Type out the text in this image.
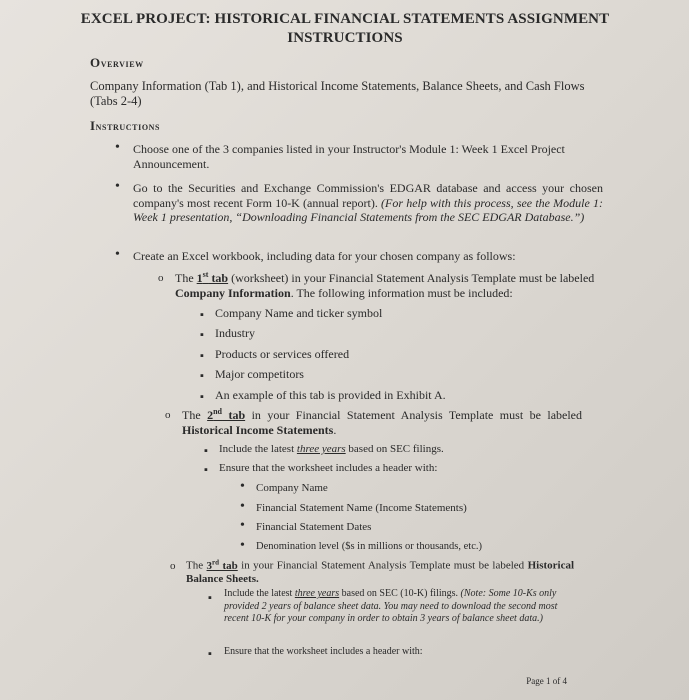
EXCEL PROJECT: HISTORICAL FINANCIAL STATEMENTS ASSIGNMENT
INSTRUCTIONS
Overview
Company Information (Tab 1), and Historical Income Statements, Balance Sheets, and Cash Flows (Tabs 2-4)
Instructions
•
Choose one of the 3 companies listed in your Instructor's Module 1: Week 1 Excel Project Announcement.
•
Go to the Securities and Exchange Commission's EDGAR database and access your chosen company's most recent Form 10-K (annual report). (For help with this process, see the Module 1: Week 1 presentation, “Downloading Financial Statements from the SEC EDGAR Database.”)
•
Create an Excel workbook, including data for your chosen company as follows:
o
The 1st tab (worksheet) in your Financial Statement Analysis Template must be labeled Company Information. The following information must be included:
▪
Company Name and ticker symbol
▪
Industry
▪
Products or services offered
▪
Major competitors
▪
An example of this tab is provided in Exhibit A.
o
The 2nd tab in your Financial Statement Analysis Template must be labeled Historical Income Statements.
▪
Include the latest three years based on SEC filings.
▪
Ensure that the worksheet includes a header with:
•
Company Name
•
Financial Statement Name (Income Statements)
•
Financial Statement Dates
•
Denomination level ($s in millions or thousands, etc.)
o
The 3rd tab in your Financial Statement Analysis Template must be labeled Historical Balance Sheets.
▪
Include the latest three years based on SEC (10-K) filings. (Note: Some 10-Ks only provided 2 years of balance sheet data. You may need to download the second most recent 10-K for your company in order to obtain 3 years of balance sheet data.)
▪
Ensure that the worksheet includes a header with:
Page 1 of 4
